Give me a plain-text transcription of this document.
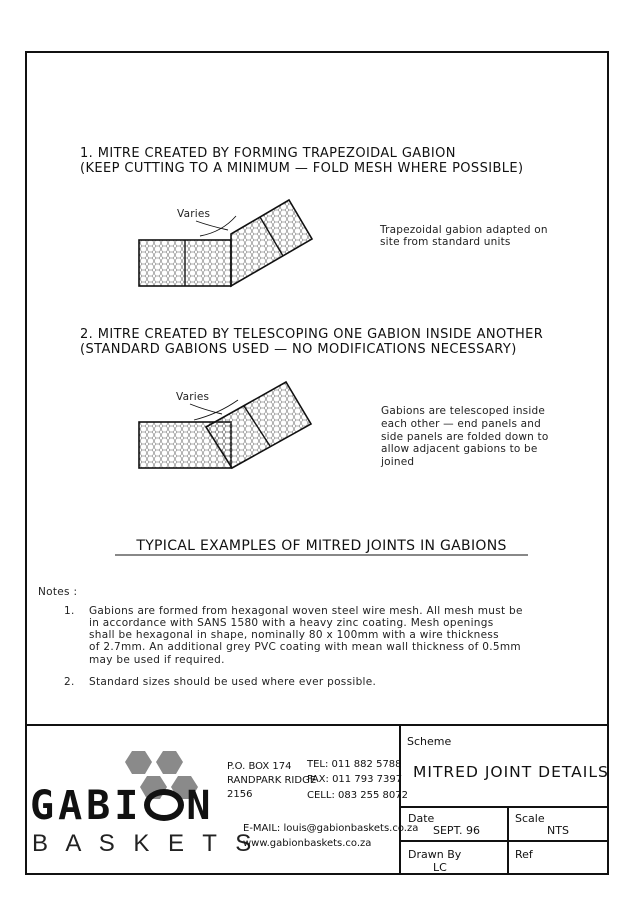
1. MITRE CREATED BY FORMING TRAPEZOIDAL GABION
(KEEP CUTTING TO A MINIMUM — FOLD MESH WHERE POSSIBLE)
Varies
Trapezoidal gabion adapted on
site from standard units
2. MITRE CREATED BY TELESCOPING ONE GABION INSIDE ANOTHER
(STANDARD GABIONS USED — NO MODIFICATIONS NECESSARY)
Varies
Gabions are telescoped inside
each other — end panels and
side panels are folded down to
allow adjacent gabions to be
joined
TYPICAL EXAMPLES OF MITRED JOINTS IN GABIONS
Notes :
1. Gabions are formed from hexagonal woven steel wire mesh. All mesh must be
in accordance with SANS 1580 with a heavy zinc coating. Mesh openings
shall be hexagonal in shape, nominally 80 x 100mm with a wire thickness
of 2.7mm. An additional grey PVC coating with mean wall thickness of 0.5mm
may be used if required.
2. Standard sizes should be used where ever possible.
GABI N
B A S K E T S
P.O. BOX 174
RANDPARK RIDGE
2156
TEL: 011 882 5788
FAX: 011 793 7397
CELL: 083 255 8072
E-MAIL: louis@gabionbaskets.co.za
www.gabionbaskets.co.za
Scheme
MITRED JOINT DETAILS
Date
SEPT. 96
Scale
NTS
Drawn By
LC
Ref
